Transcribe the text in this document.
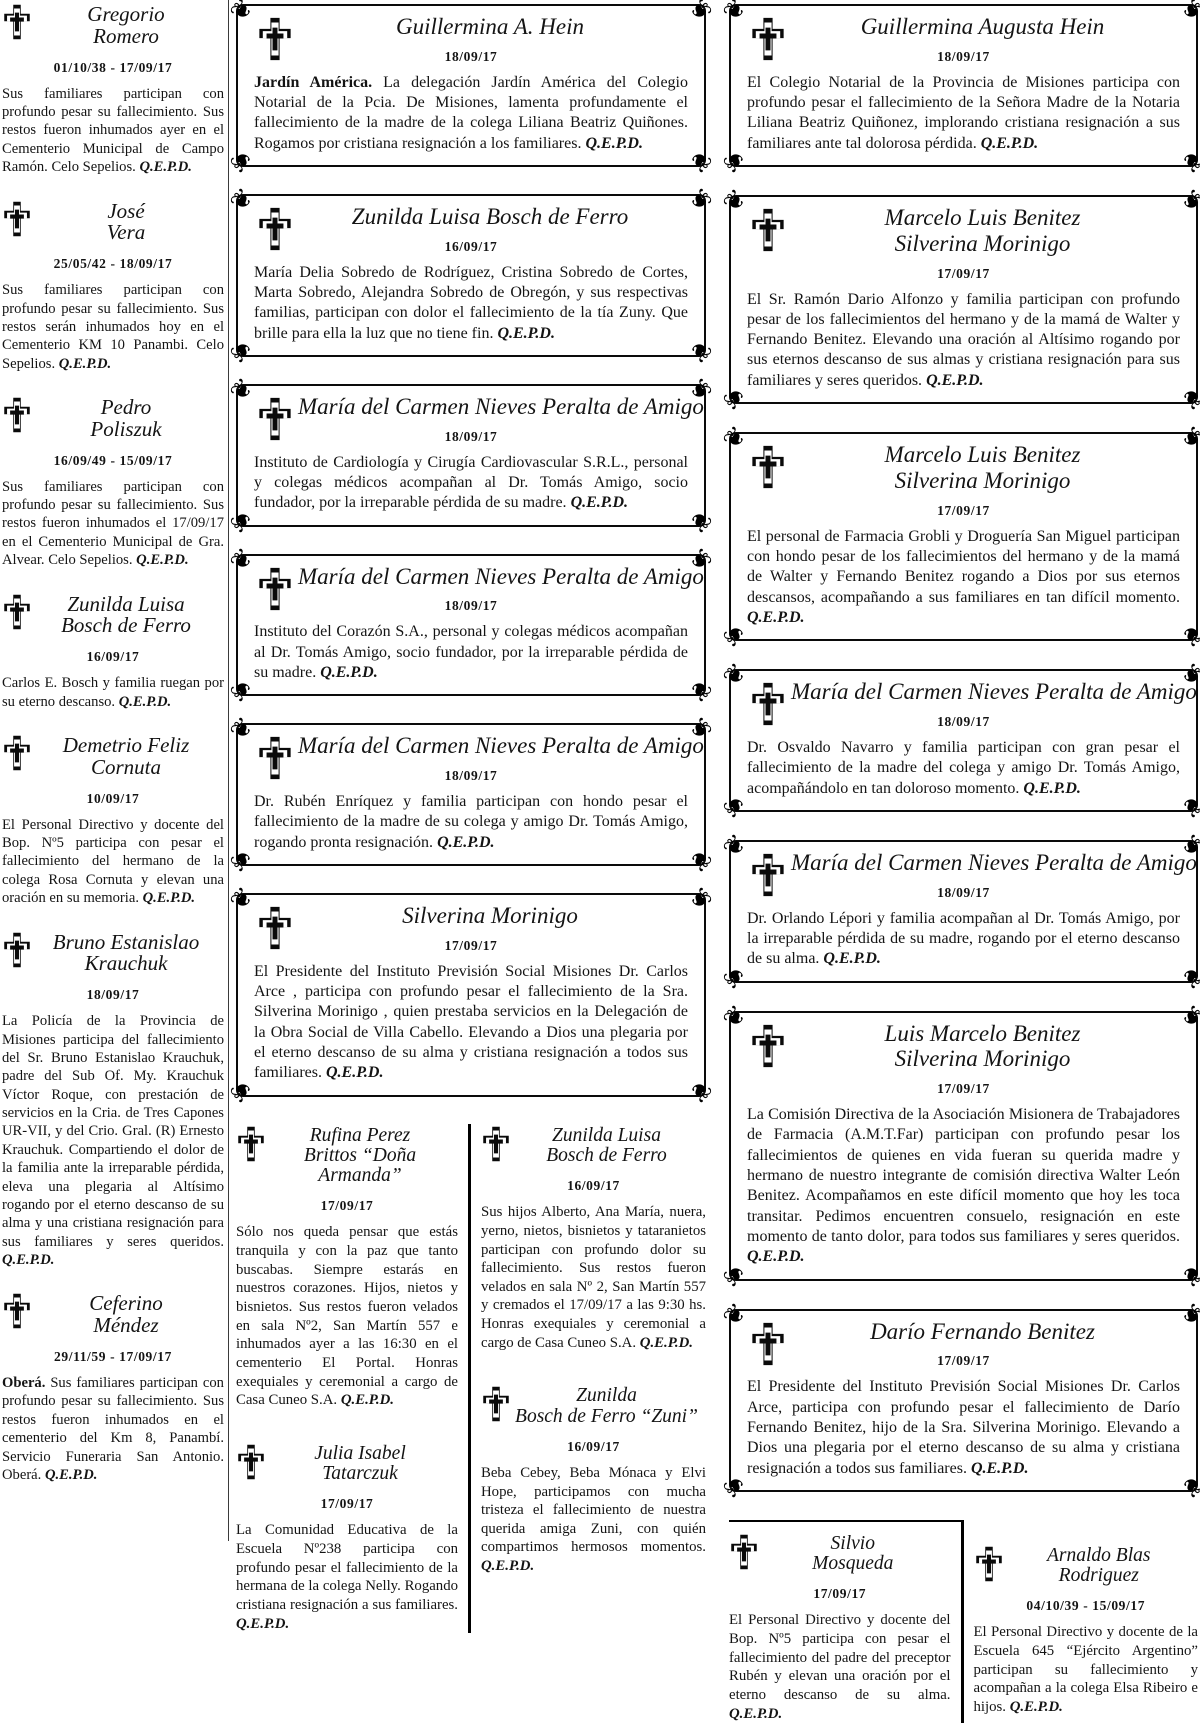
Gregorio
Romero
01/10/38 - 17/09/17
Sus familiares participan con profundo pesar su fallecimiento. Sus restos fueron inhumados ayer en el Cementerio Municipal de Campo Ramón. Celo Sepelios. Q.E.P.D.
José
Vera
25/05/42 - 18/09/17
Sus familiares participan con profundo pesar su fallecimiento. Sus restos serán inhumados hoy en el Cementerio KM 10 Panambi. Celo Sepelios. Q.E.P.D.
Pedro
Poliszuk
16/09/49 - 15/09/17
Sus familiares participan con profundo pesar su fallecimiento. Sus restos fueron inhumados el 17/09/17 en el Cementerio Municipal de Gra. Alvear. Celo Sepelios. Q.E.P.D.
Zunilda Luisa
Bosch de Ferro
16/09/17
Carlos E. Bosch y familia ruegan por su eterno descanso. Q.E.P.D.
Demetrio Feliz
Cornuta
10/09/17
El Personal Directivo y docente del Bop. Nº5 participa con pesar el fallecimiento del hermano de la colega Rosa Cornuta y elevan una oración en su memoria. Q.E.P.D.
Bruno Estanislao
Krauchuk
18/09/17
La Policía de la Provincia de Misiones participa del fallecimiento del Sr. Bruno Estanislao Krauchuk, padre del Sub Of. My. Krauchuk Víctor Roque, con prestación de servicios en la Cria. de Tres Capones UR-VII, y del Crio. Gral. (R) Ernesto Krauchuk. Compartiendo el dolor de la familia ante la irreparable pérdida, eleva una plegaria al Altísimo rogando por el eterno descanso de su alma y una cristiana resignación para sus familiares y seres queridos. Q.E.P.D.
Ceferino
Méndez
29/11/59 - 17/09/17
Oberá. Sus familiares participan con profundo pesar su fallecimiento. Sus restos fueron inhumados en el cementerio del Km 8, Panambí. Servicio Funeraria San Antonio. Oberá. Q.E.P.D.
❦
❦
❦
❦
Guillermina A. Hein
18/09/17
Jardín América. La delegación Jardín América del Colegio Notarial de la Pcia. De Misiones, lamenta profundamente el fallecimiento de la madre de la colega Liliana Beatriz Quiñones. Rogamos por cristiana resignación a los familiares. Q.E.P.D.
❦
❦
❦
❦
Zunilda Luisa Bosch de Ferro
16/09/17
María Delia Sobredo de Rodríguez, Cristina Sobredo de Cortes, Marta Sobredo, Alejandra Sobredo de Obregón, y sus respectivas familias, participan con dolor el fallecimiento de la tía Zuny. Que brille para ella la luz que no tiene fin. Q.E.P.D.
❦
❦
❦
❦
María del Carmen Nieves Peralta de Amigo
18/09/17
Instituto de Cardiología y Cirugía Cardiovascular S.R.L., personal y colegas médicos acompañan al Dr. Tomás Amigo, socio fundador, por la irreparable pérdida de su madre. Q.E.P.D.
❦
❦
❦
❦
María del Carmen Nieves Peralta de Amigo
18/09/17
Instituto del Corazón S.A., personal y colegas médicos acompañan al Dr. Tomás Amigo, socio fundador, por la irreparable pérdida de su madre. Q.E.P.D.
❦
❦
❦
❦
María del Carmen Nieves Peralta de Amigo
18/09/17
Dr. Rubén Enríquez y familia participan con hondo pesar el fallecimiento de la madre de su colega y amigo Dr. Tomás Amigo, rogando pronta resignación. Q.E.P.D.
❦
❦
❦
❦
Silverina Morinigo
17/09/17
El Presidente del Instituto Previsión Social Misiones Dr. Carlos Arce , participa con profundo pesar el fallecimiento de la Sra. Silverina Morinigo , quien prestaba servicios en la Delegación de la Obra Social de Villa Cabello. Elevando a Dios una plegaria por el eterno descanso de su alma y cristiana resignación a todos sus familiares. Q.E.P.D.
Rufina Perez
Brittos “Doña Armanda”
17/09/17
Sólo nos queda pensar que estás tranquila y con la paz que tanto buscabas. Siempre estarás en nuestros corazones. Hijos, nietos y bisnietos. Sus restos fueron velados en sala Nº2, San Martín 557 e inhumados ayer a las 16:30 en el cementerio El Portal. Honras exequiales y ceremonial a cargo de Casa Cuneo S.A. Q.E.P.D.
Julia Isabel
Tatarczuk
17/09/17
La Comunidad Educativa de la Escuela Nº238 participa con profundo pesar el fallecimiento de la hermana de la colega Nelly. Rogando cristiana resignación a sus familiares. Q.E.P.D.
Zunilda Luisa
Bosch de Ferro
16/09/17
Sus hijos Alberto, Ana María, nuera, yerno, nietos, bisnietos y tataranietos participan con profundo dolor su fallecimiento. Sus restos fueron velados en sala Nº 2, San Martín 557 y cremados el 17/09/17 a las 9:30 hs. Honras exequiales y ceremonial a cargo de Casa Cuneo S.A. Q.E.P.D.
Zunilda
Bosch de Ferro “Zuni”
16/09/17
Beba Cebey, Beba Mónaca y Elvi Hope, participamos con mucha tristeza el fallecimiento de nuestra querida amiga Zuni, con quién compartimos hermosos momentos. Q.E.P.D.
❦
❦
❦
❦
Guillermina Augusta Hein
18/09/17
El Colegio Notarial de la Provincia de Misiones participa con profundo pesar el fallecimiento de la Señora Madre de la Notaria Liliana Beatriz Quiñonez, implorando cristiana resignación a sus familiares ante tal dolorosa pérdida. Q.E.P.D.
❦
❦
❦
❦
Marcelo Luis Benitez
Silverina Morinigo
17/09/17
El Sr. Ramón Dario Alfonzo y familia participan con profundo pesar de los fallecimientos del hermano y de la mamá de Walter y Fernando Benitez. Elevando una oración al Altísimo rogando por sus eternos descanso de sus almas y cristiana resignación para sus familiares y seres queridos. Q.E.P.D.
❦
❦
❦
❦
Marcelo Luis Benitez
Silverina Morinigo
17/09/17
El personal de Farmacia Grobli y Droguería San Miguel participan con hondo pesar de los fallecimientos del hermano y de la mamá de Walter y Fernando Benitez rogando a Dios por sus eternos descansos, acompañando a sus familiares en tan difícil momento. Q.E.P.D.
❦
❦
❦
❦
María del Carmen Nieves Peralta de Amigo
18/09/17
Dr. Osvaldo Navarro y familia participan con gran pesar el fallecimiento de la madre del colega y amigo Dr. Tomás Amigo, acompañándolo en tan doloroso momento. Q.E.P.D.
❦
❦
❦
❦
María del Carmen Nieves Peralta de Amigo
18/09/17
Dr. Orlando Lépori y familia acompañan al Dr. Tomás Amigo, por la irreparable pérdida de su madre, rogando por el eterno descanso de su alma. Q.E.P.D.
❦
❦
❦
❦
Luis Marcelo Benitez
Silverina Morinigo
17/09/17
La Comisión Directiva de la Asociación Misionera de Trabajadores de Farmacia (A.M.T.Far) participan con profundo pesar los fallecimientos de quienes en vida fueran su querida madre y hermano de nuestro integrante de comisión directiva Walter León Benitez. Acompañamos en este difícil momento que hoy les toca transitar. Pedimos encuentren consuelo, resignación en este momento de tanto dolor, para todos sus familiares y seres queridos. Q.E.P.D.
❦
❦
❦
❦
Darío Fernando Benitez
17/09/17
El Presidente del Instituto Previsión Social Misiones Dr. Carlos Arce, participa con profundo pesar el fallecimiento de Darío Fernando Benitez, hijo de la Sra. Silverina Morinigo. Elevando a Dios una plegaria por el eterno descanso de su alma y cristiana resignación a todos sus familiares. Q.E.P.D.
Silvio
Mosqueda
17/09/17
El Personal Directivo y docente del Bop. Nº5 participa con pesar el fallecimiento del padre del preceptor Rubén y elevan una oración por el eterno descanso de su alma. Q.E.P.D.
Arnaldo Blas
Rodriguez
04/10/39 - 15/09/17
El Personal Directivo y docente de la Escuela 645 “Ejército Argentino” participan su fallecimiento y acompañan a la colega Elsa Ribeiro e hijos. Q.E.P.D.
